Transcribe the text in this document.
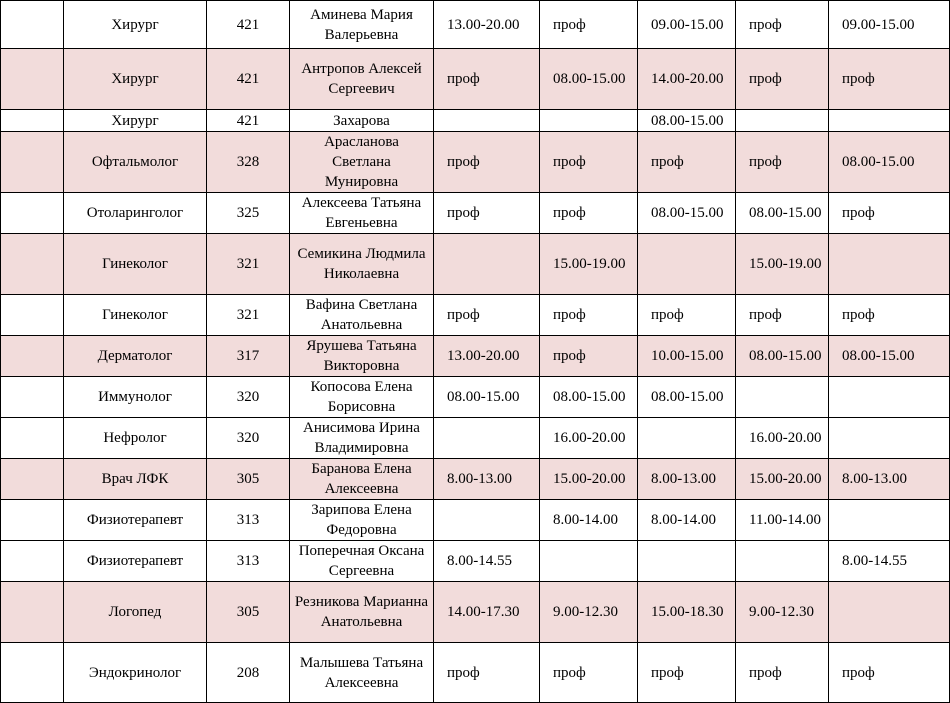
	Хирург	421	Аминева Мария Валерьевна	13.00-20.00	проф	09.00-15.00	проф	09.00-15.00
	Хирург	421	Антропов Алексей Сергеевич	проф	08.00-15.00	14.00-20.00	проф	проф
	Хирург	421	Захарова			08.00-15.00		
	Офтальмолог	328	Арасланова Светлана Мунировна	проф	проф	проф	проф	08.00-15.00
	Отоларинголог	325	Алексеева Татьяна Евгеньевна	проф	проф	08.00-15.00	08.00-15.00	проф
	Гинеколог	321	Семикина Людмила Николаевна		15.00-19.00		15.00-19.00	
	Гинеколог	321	Вафина Светлана Анатольевна	проф	проф	проф	проф	проф
	Дерматолог	317	Ярушева Татьяна Викторовна	13.00-20.00	проф	10.00-15.00	08.00-15.00	08.00-15.00
	Иммунолог	320	Копосова Елена Борисовна	08.00-15.00	08.00-15.00	08.00-15.00		
	Нефролог	320	Анисимова Ирина Владимировна		16.00-20.00		16.00-20.00	
	Врач ЛФК	305	Баранова Елена Алексеевна	8.00-13.00	15.00-20.00	8.00-13.00	15.00-20.00	8.00-13.00
	Физиотерапевт	313	Зарипова Елена Федоровна		8.00-14.00	8.00-14.00	11.00-14.00	
	Физиотерапевт	313	Поперечная Оксана Сергеевна	8.00-14.55				8.00-14.55
	Логопед	305	Резникова Марианна Анатольевна	14.00-17.30	9.00-12.30	15.00-18.30	9.00-12.30	
	Эндокринолог	208	Малышева Татьяна Алексеевна	проф	проф	проф	проф	проф
